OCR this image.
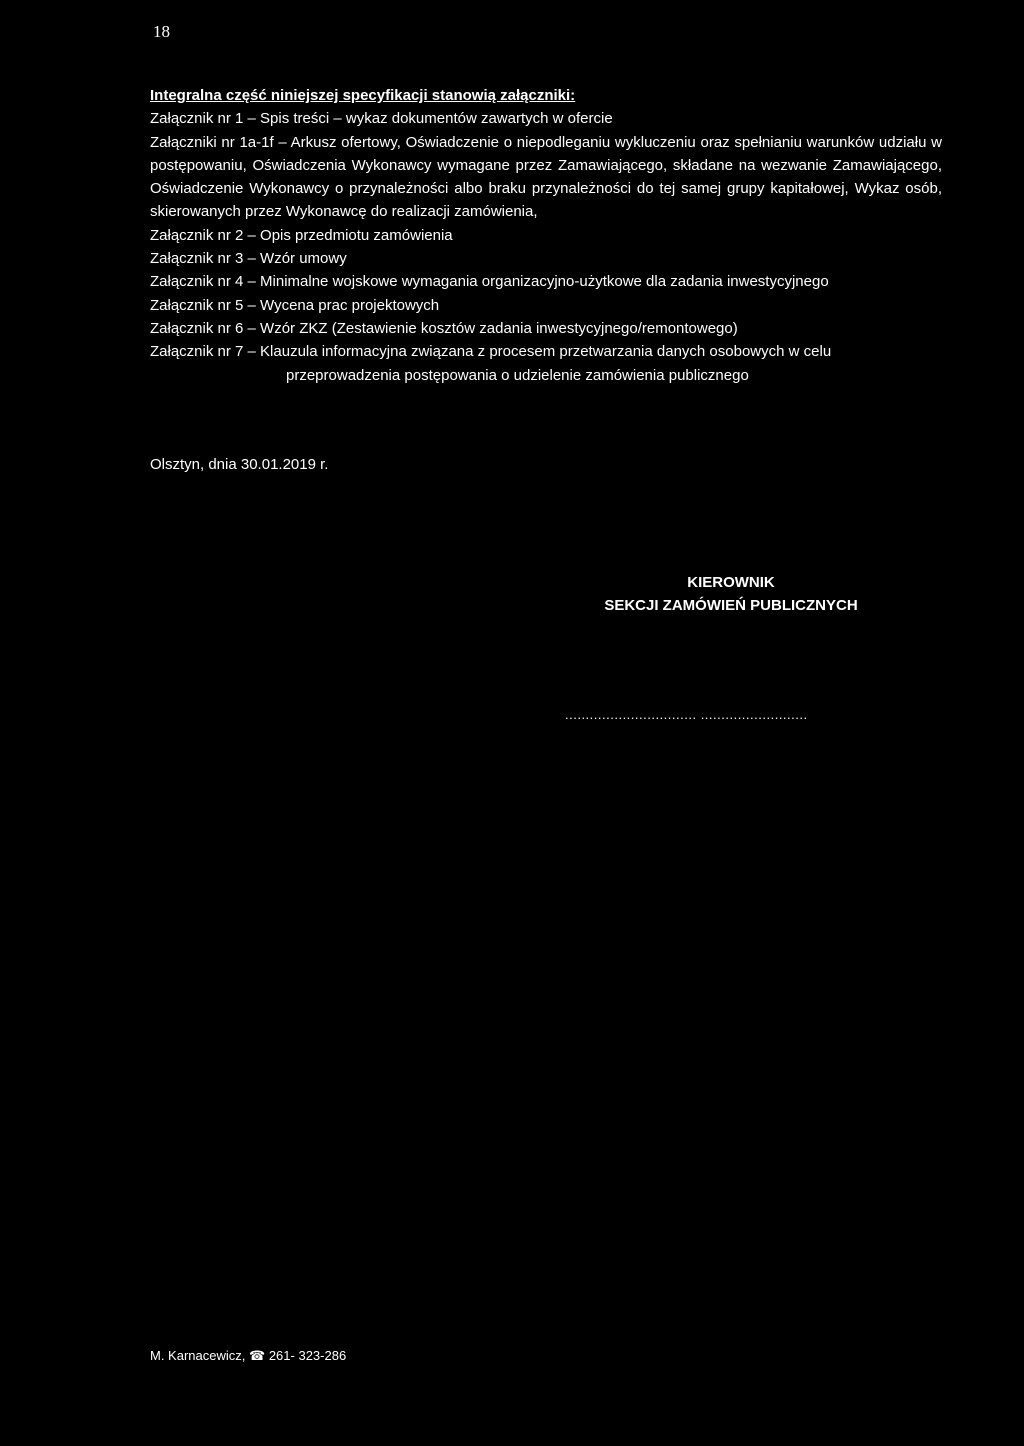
18
Integralna część niniejszej specyfikacji stanowią załączniki:
Załącznik nr 1 – Spis treści – wykaz dokumentów zawartych w ofercie
Załączniki nr 1a-1f – Arkusz ofertowy, Oświadczenie o niepodleganiu wykluczeniu oraz spełnianiu warunków udziału w postępowaniu, Oświadczenia Wykonawcy wymagane przez Zamawiającego, składane na wezwanie Zamawiającego, Oświadczenie Wykonawcy o przynależności albo braku przynależności do tej samej grupy kapitałowej, Wykaz osób, skierowanych przez Wykonawcę do realizacji zamówienia,
Załącznik nr 2 – Opis przedmiotu zamówienia
Załącznik nr 3 – Wzór umowy
Załącznik nr 4 – Minimalne wojskowe wymagania organizacyjno-użytkowe dla zadania inwestycyjnego
Załącznik nr 5 – Wycena prac projektowych
Załącznik nr 6 – Wzór ZKZ (Zestawienie kosztów zadania inwestycyjnego/remontowego)
Załącznik nr 7 – Klauzula informacyjna związana z procesem przetwarzania danych osobowych w celu
przeprowadzenia postępowania o udzielenie zamówienia publicznego
Olsztyn, dnia 30.01.2019 r.
KIEROWNIK
SEKCJI ZAMÓWIEŃ PUBLICZNYCH
................................ ..........................
M. Karnacewicz, ☎ 261- 323-286
